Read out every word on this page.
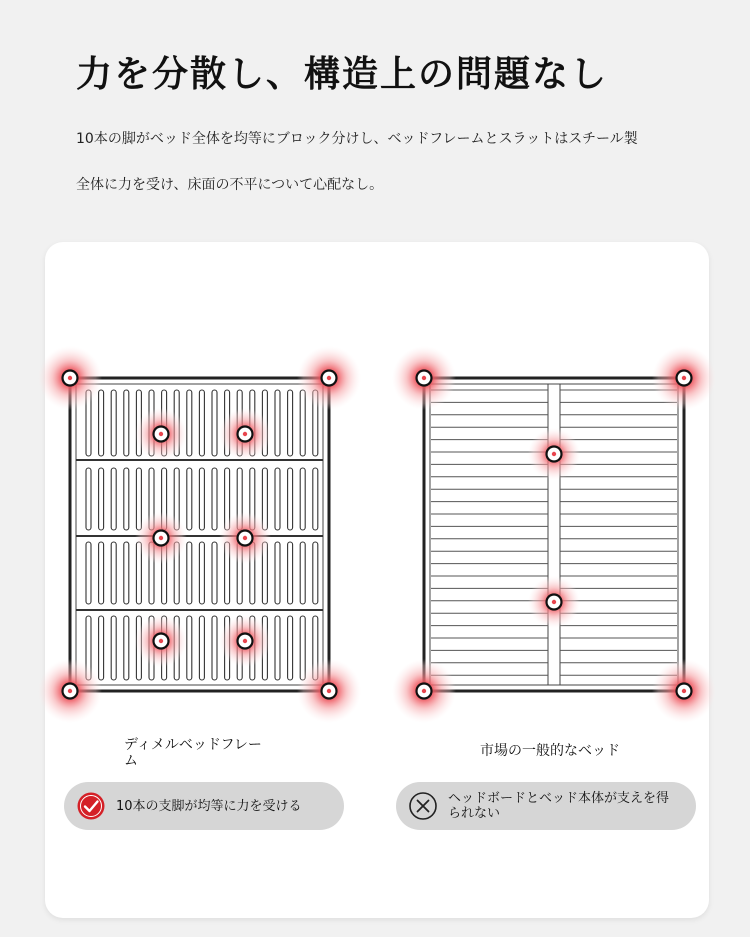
力を分散し、構造上の問題なし

10本の脚がベッド全体を均等にブロック分けし、ベッドフレームとスラットはスチール製

全体に力を受け、床面の不平について心配なし。

ディメルベッドフレーム
市場の一般的なベッド
10本の支脚が均等に力を受ける	ヘッドボードとベッド本体が支えを得られない
